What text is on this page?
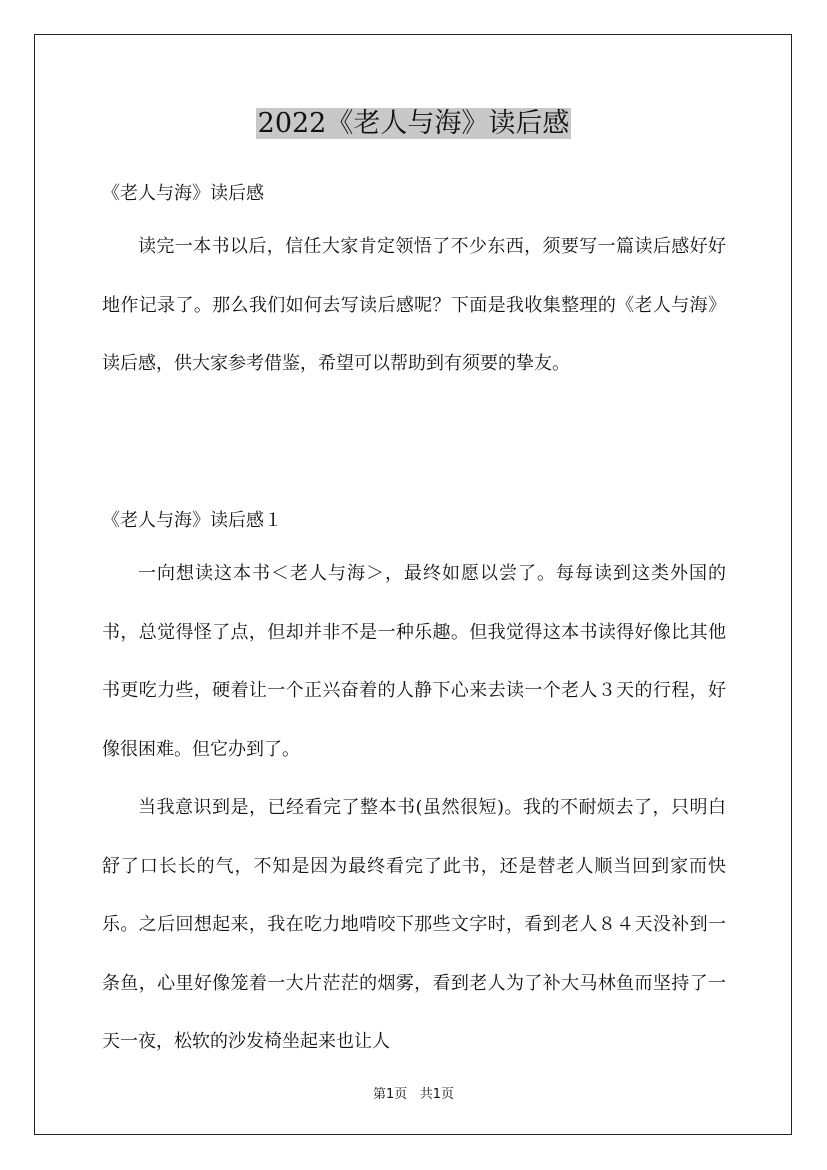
2022《老人与海》读后感
《老人与海》读后感

读完一本书以后，信任大家肯定领悟了不少东西，须要写一篇读后感好好地作记录了。那么我们如何去写读后感呢？下面是我收集整理的《老人与海》读后感，供大家参考借鉴，希望可以帮助到有须要的挚友。

《老人与海》读后感１

一向想读这本书＜老人与海＞，最终如愿以尝了。每每读到这类外国的书，总觉得怪了点，但却并非不是一种乐趣。但我觉得这本书读得好像比其他书更吃力些，硬着让一个正兴奋着的人静下心来去读一个老人３天的行程，好像很困难。但它办到了。

当我意识到是，已经看完了整本书(虽然很短)。我的不耐烦去了，只明白舒了口长长的气，不知是因为最终看完了此书，还是替老人顺当回到家而快乐。之后回想起来，我在吃力地啃咬下那些文字时，看到老人８４天没补到一条鱼，心里好像笼着一大片茫茫的烟雾，看到老人为了补大马林鱼而坚持了一天一夜，松软的沙发椅坐起来也让人

第1页 共1页
